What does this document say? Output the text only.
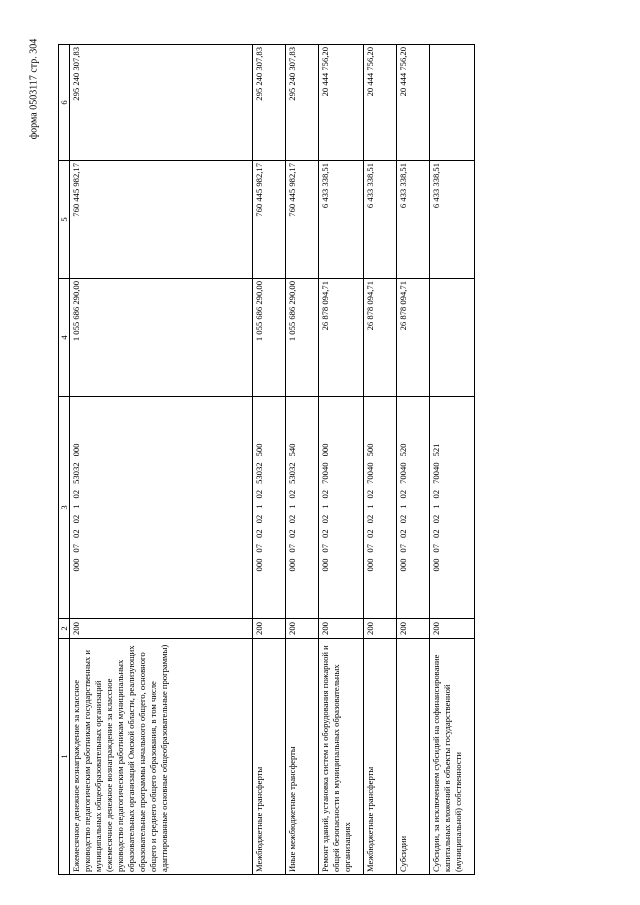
форма 0503117 стр. 304
1	2	3	4	5	6
Ежемесячное денежное вознаграждение за классное руководство педагогическим работникам государственных и муниципальных общеобразовательных организаций (ежемесячное денежное вознаграждение за классное руководство педагогическим работникам муниципальных образовательных организаций Омской области, реализующих образовательные программы начального общего, основного общего и среднего общего образования, в том числе адаптированные основные общеобразовательные программы)	200	00007020210253032000	1 055 686 290,00	760 445 982,17	295 240 307,83
Межбюджетные трансферты	200	00007020210253032500	1 055 686 290,00	760 445 982,17	295 240 307,83
Иные межбюджетные трансферты	200	00007020210253032540	1 055 686 290,00	760 445 982,17	295 240 307,83
Ремонт зданий, установка систем и оборудования пожарной и общей безопасности в муниципальных образовательных организациях	200	00007020210270040000	26 878 094,71	6 433 338,51	20 444 756,20
Межбюджетные трансферты	200	00007020210270040500	26 878 094,71	6 433 338,51	20 444 756,20
Субсидии	200	00007020210270040520	26 878 094,71	6 433 338,51	20 444 756,20
Субсидии, за исключением субсидий на софинансирование капитальных вложений в объекты государственной (муниципальной) собственности	200	00007020210270040521		6 433 338,51	
